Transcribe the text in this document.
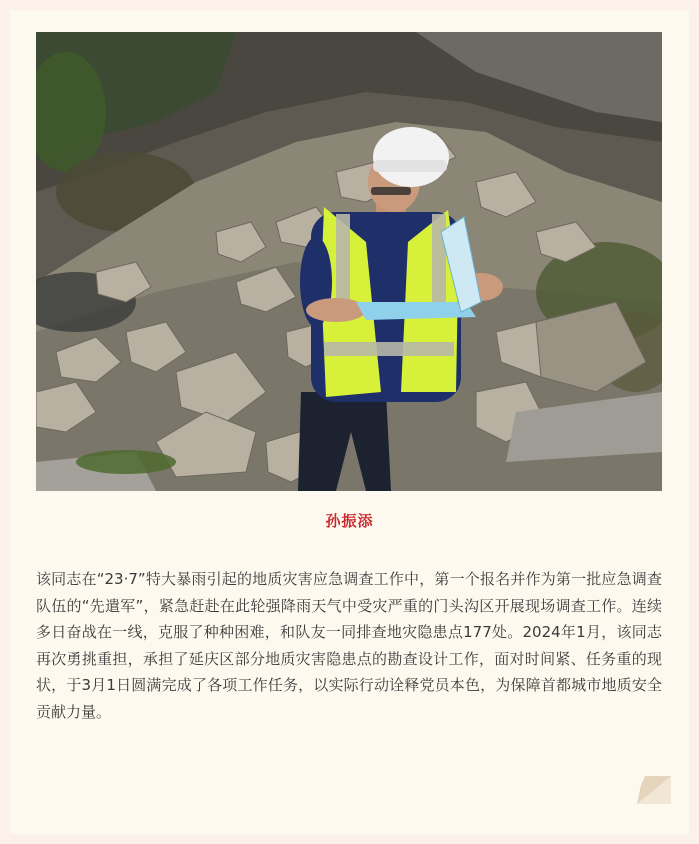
孙振添

该同志在“23·7”特大暴雨引起的地质灾害应急调查工作中，第一个报名并作为第一批应急调查队伍的“先遣军”，紧急赶赴在此轮强降雨天气中受灾严重的门头沟区开展现场调查工作。连续多日奋战在一线，克服了种种困难，和队友一同排查地灾隐患点177处。2024年1月，该同志再次勇挑重担，承担了延庆区部分地质灾害隐患点的勘查设计工作，面对时间紧、任务重的现状，于3月1日圆满完成了各项工作任务，以实际行动诠释党员本色，为保障首都城市地质安全贡献力量。
